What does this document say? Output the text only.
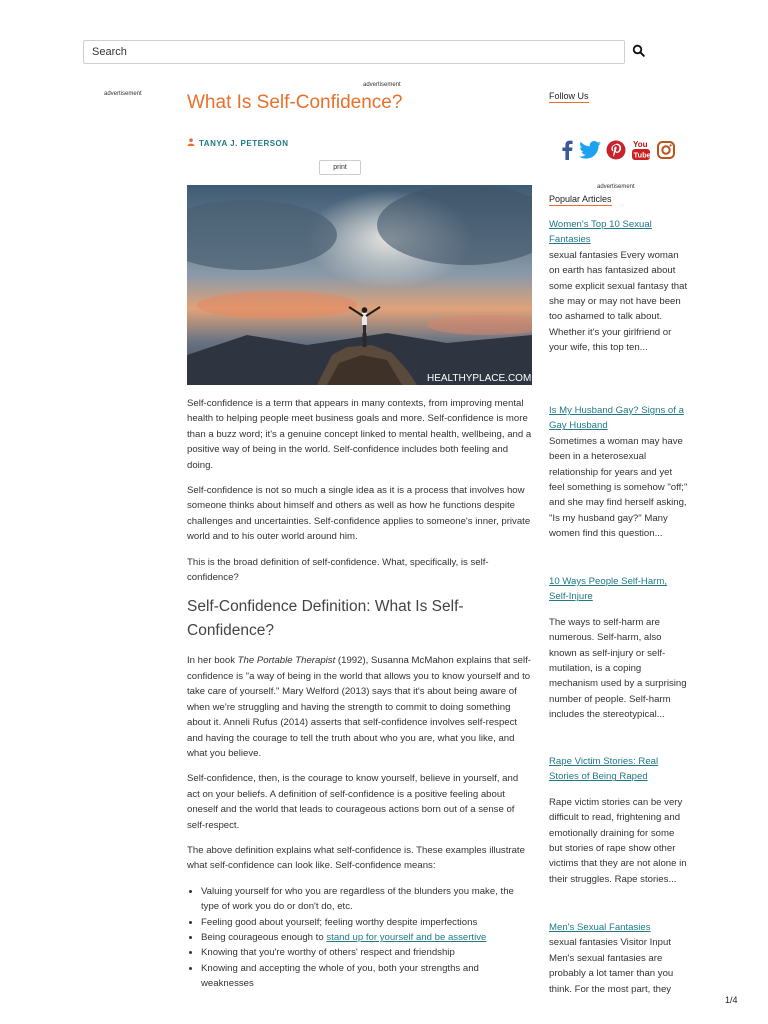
Search
advertisement
advertisement
advertisement
What Is Self-Confidence?
TANYA J. PETERSON
print
HEALTHYPLACE.COM

Self-confidence is a term that appears in many contexts, from improving mental health to helping people meet business goals and more. Self-confidence is more than a buzz word; it's a genuine concept linked to mental health, wellbeing, and a positive way of being in the world. Self-confidence includes both feeling and doing.

Self-confidence is not so much a single idea as it is a process that involves how someone thinks about himself and others as well as how he functions despite challenges and uncertainties. Self-confidence applies to someone's inner, private world and to his outer world around him.

This is the broad definition of self-confidence. What, specifically, is self-confidence?

Self-Confidence Definition: What Is Self-Confidence?

In her book The Portable Therapist (1992), Susanna McMahon explains that self-confidence is "a way of being in the world that allows you to know yourself and to take care of yourself." Mary Welford (2013) says that it's about being aware of when we're struggling and having the strength to commit to doing something about it. Anneli Rufus (2014) asserts that self-confidence involves self-respect and having the courage to tell the truth about who you are, what you like, and what you believe.

Self-confidence, then, is the courage to know yourself, believe in yourself, and act on your beliefs. A definition of self-confidence is a positive feeling about oneself and the world that leads to courageous actions born out of a sense of self-respect.

The above definition explains what self-confidence is. These examples illustrate what self-confidence can look like. Self-confidence means:

• Valuing yourself for who you are regardless of the blunders you make, the type of work you do or don't do, etc.
• Feeling good about yourself; feeling worthy despite imperfections
• Being courageous enough to stand up for yourself and be assertive
• Knowing that you're worthy of others' respect and friendship
• Knowing and accepting the whole of you, both your strengths and weaknesses
Follow Us
You
Tube
Popular Articles
Women's Top 10 Sexual Fantasies
sexual fantasies Every woman on earth has fantasized about some explicit sexual fantasy that she may or may not have been too ashamed to talk about. Whether it's your girlfriend or your wife, this top ten...
Is My Husband Gay? Signs of a Gay Husband
Sometimes a woman may have been in a heterosexual relationship for years and yet feel something is somehow "off;" and she may find herself asking, "Is my husband gay?" Many women find this question...
10 Ways People Self-Harm, Self-Injure
The ways to self-harm are numerous. Self-harm, also known as self-injury or self-mutilation, is a coping mechanism used by a surprising number of people. Self-harm includes the stereotypical...
Rape Victim Stories: Real Stories of Being Raped
Rape victim stories can be very difficult to read, frightening and emotionally draining for some but stories of rape show other victims that they are not alone in their struggles. Rape stories...
Men's Sexual Fantasies
sexual fantasies Visitor Input Men's sexual fantasies are probably a lot tamer than you think. For the most part, they
1/4
